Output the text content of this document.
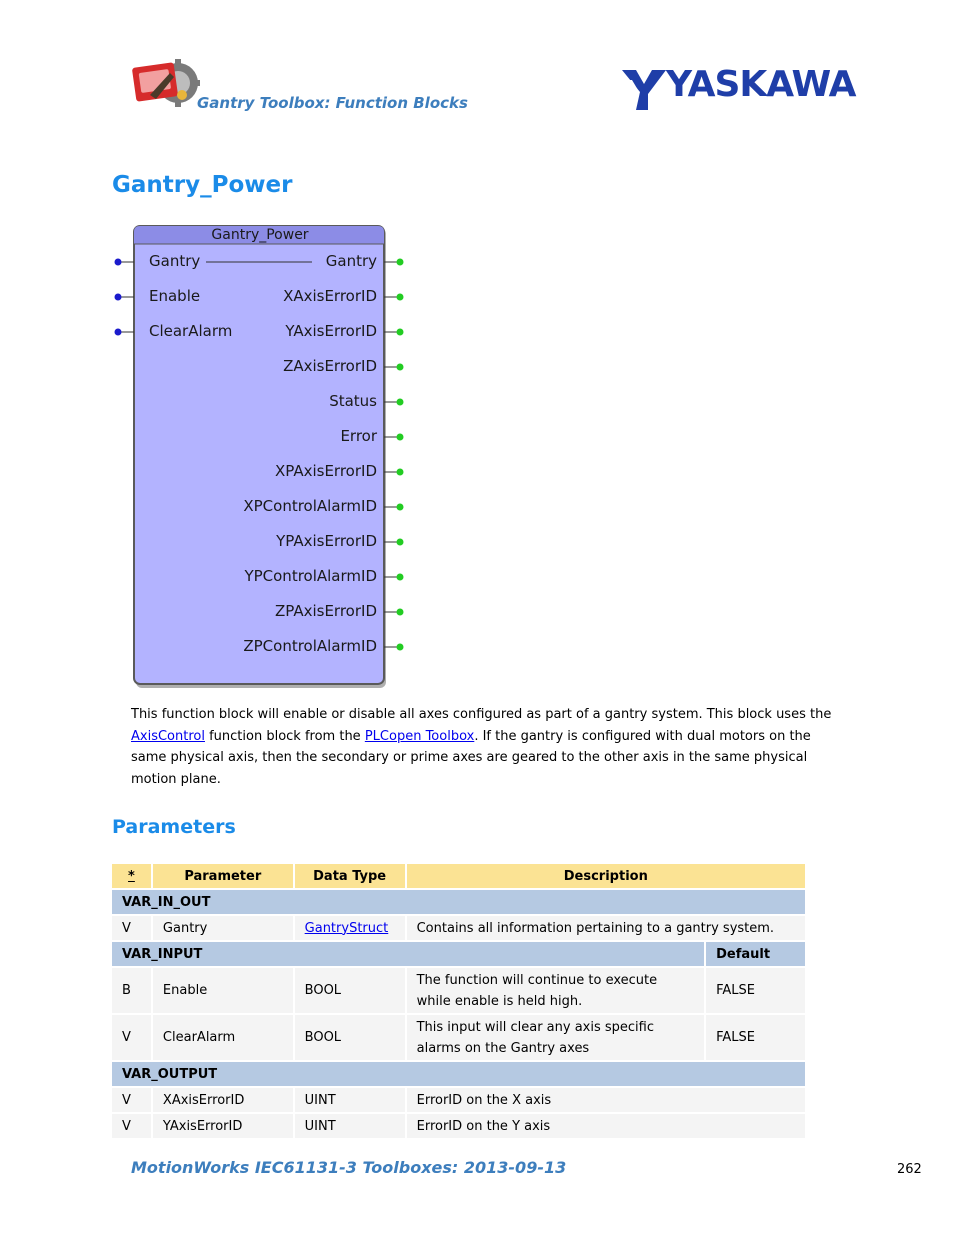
Gantry Toolbox: Function Blocks	YASKAWA
Gantry_Power
Gantry_Power
Gantry
Enable
ClearAlarm
Gantry
XAxisErrorID
YAxisErrorID
ZAxisErrorID
Status
Error
XPAxisErrorID
XPControlAlarmID
YPAxisErrorID
YPControlAlarmID
ZPAxisErrorID
ZPControlAlarmID
This function block will enable or disable all axes configured as part of a gantry system. This block uses the AxisControl function block from the PLCopen Toolbox. If the gantry is configured with dual motors on the same physical axis, then the secondary or prime axes are geared to the other axis in the same physical motion plane.
Parameters
*	Parameter	Data Type	Description	
VAR_IN_OUT				
V	Gantry	GantryStruct	Contains all information pertaining to a gantry system.	
VAR_INPUT				Default
B	Enable	BOOL	The function will continue to execute while enable is held high.	FALSE
V	ClearAlarm	BOOL	This input will clear any axis specific alarms on the Gantry axes	FALSE
VAR_OUTPUT				
V	XAxisErrorID	UINT	ErrorID on the X axis	
V	YAxisErrorID	UINT	ErrorID on the Y axis	
MotionWorks IEC61131-3 Toolboxes: 2013-09-13	262
